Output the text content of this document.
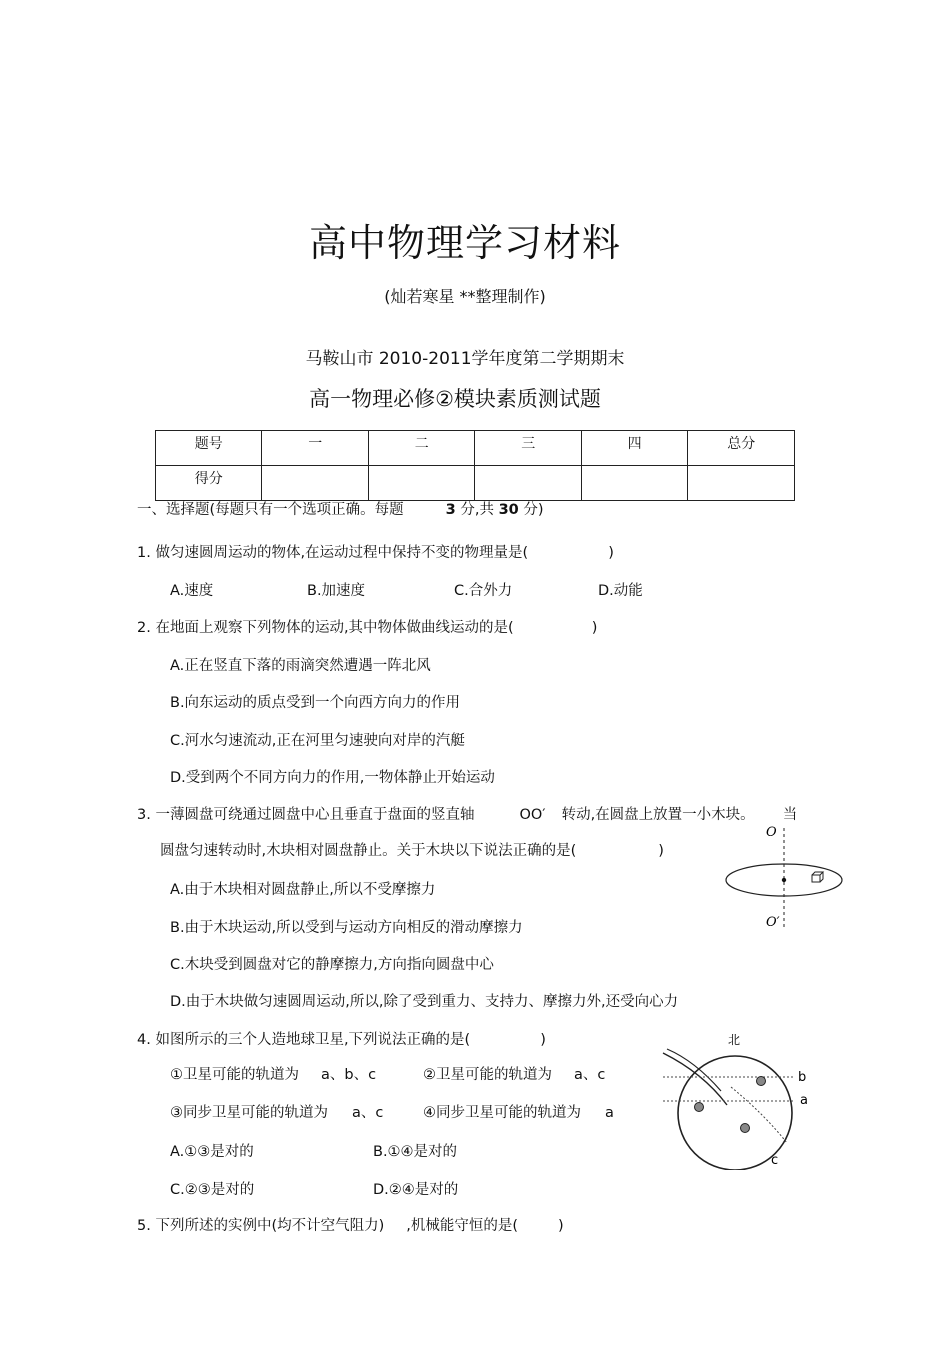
高中物理学习材料
(灿若寒星 **整理制作)
马鞍山市 2010-2011学年度第二学期期末
高一物理必修②模块素质测试题
题号	一	二	三	四	总分
得分					
一、选择题(每题只有一个选项正确。每题	3 分,共 30 分)
1. 做匀速圆周运动的物体,在运动过程中保持不变的物理量是(	)
A.速度	B.加速度	C.合外力	D.动能
2. 在地面上观察下列物体的运动,其中物体做曲线运动的是(	)
A.正在竖直下落的雨滴突然遭遇一阵北风
B.向东运动的质点受到一个向西方向力的作用
C.河水匀速流动,正在河里匀速驶向对岸的汽艇
D.受到两个不同方向力的作用,一物体静止开始运动
3. 一薄圆盘可绕通过圆盘中心且垂直于盘面的竖直轴	OO′ 转动,在圆盘上放置一小木块。 当
圆盘匀速转动时,木块相对圆盘静止。关于木块以下说法正确的是(	)
A.由于木块相对圆盘静止,所以不受摩擦力
B.由于木块运动,所以受到与运动方向相反的滑动摩擦力
C.木块受到圆盘对它的静摩擦力,方向指向圆盘中心
D.由于木块做匀速圆周运动,所以,除了受到重力、支持力、摩擦力外,还受向心力
O
O′
4. 如图所示的三个人造地球卫星,下列说法正确的是(	)
①卫星可能的轨道为 a、b、c	②卫星可能的轨道为 a、c
③同步卫星可能的轨道为 a、c	④同步卫星可能的轨道为 a
A.①③是对的	B.①④是对的
C.②③是对的	D.②④是对的
北
b
a
c
5. 下列所述的实例中(均不计空气阻力) ,机械能守恒的是(	)
